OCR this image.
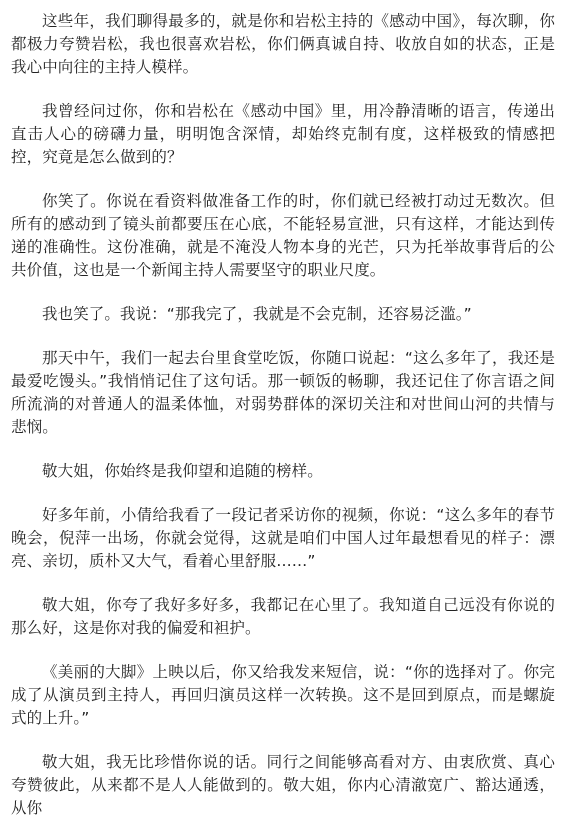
这些年，我们聊得最多的，就是你和岩松主持的《感动中国》，每次聊，你都极力夸赞岩松，我也很喜欢岩松，你们俩真诚自持、收放自如的状态，正是我心中向往的主持人模样。

我曾经问过你，你和岩松在《感动中国》里，用冷静清晰的语言，传递出直击人心的磅礴力量，明明饱含深情，却始终克制有度，这样极致的情感把控，究竟是怎么做到的？

你笑了。你说在看资料做准备工作的时，你们就已经被打动过无数次。但所有的感动到了镜头前都要压在心底，不能轻易宣泄，只有这样，才能达到传递的准确性。这份准确，就是不淹没人物本身的光芒，只为托举故事背后的公共价值，这也是一个新闻主持人需要坚守的职业尺度。

我也笑了。我说：“那我完了，我就是不会克制，还容易泛滥。”

那天中午，我们一起去台里食堂吃饭，你随口说起：“这么多年了，我还是最爱吃馒头。”我悄悄记住了这句话。那一顿饭的畅聊，我还记住了你言语之间所流淌的对普通人的温柔体恤，对弱势群体的深切关注和对世间山河的共情与悲悯。

敬大姐，你始终是我仰望和追随的榜样。

好多年前，小倩给我看了一段记者采访你的视频，你说：“这么多年的春节晚会，倪萍一出场，你就会觉得，这就是咱们中国人过年最想看见的样子：漂亮、亲切，质朴又大气，看着心里舒服……”

敬大姐，你夸了我好多好多，我都记在心里了。我知道自己远没有你说的那么好，这是你对我的偏爱和袒护。

《美丽的大脚》上映以后，你又给我发来短信，说：“你的选择对了。你完成了从演员到主持人，再回归演员这样一次转换。这不是回到原点，而是螺旋式的上升。”

敬大姐，我无比珍惜你说的话。同行之间能够高看对方、由衷欣赏、真心夸赞彼此，从来都不是人人能做到的。敬大姐，你内心清澈宽广、豁达通透，从你
